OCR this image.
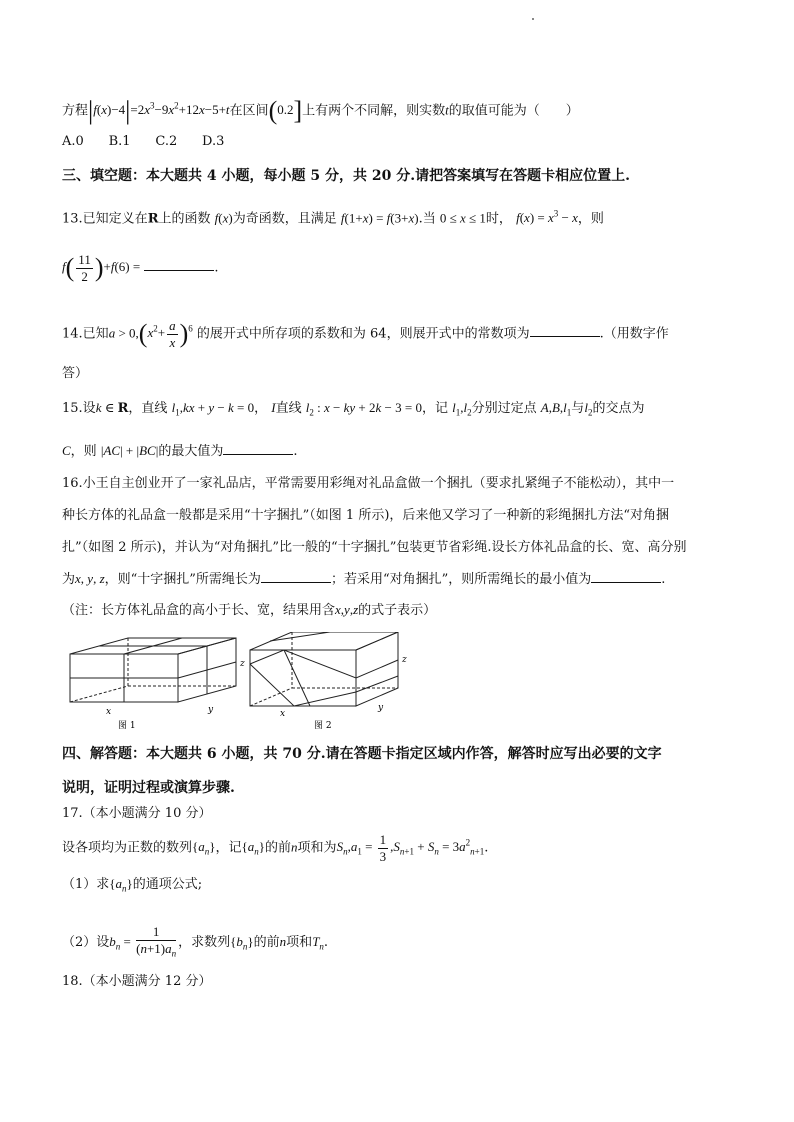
方程$|f(x)-4|=2x^3-9x^2+12x-5+t$在区间(0.2]上有两个不同解，则实数t的取值可能为（　　）
A.0 B.1 C.2 D.3
三、填空题：本大题共 4 小题，每小题 5 分，共 20 分.请把答案填写在答题卡相应位置上.
13.已知定义在R上的函数 f(x)为奇函数，且满足 f(1+x) = f(3+x).当 0 ≤ x ≤ 1时， $f(x) = x^3 - x$，则
$f( \frac{11}{2} )+f(6)$ =	.
14.已知$a > 0,(x^2+ \frac{a}{x} )^6$ 的展开式中所存项的系数和为 64，则展开式中的常数项为	.（用数字作
答）
15.设k ∈ R，直线 $l_1,kx + y - k = 0$， I直线 $l_2$ : x − ky + 2k − 3 = 0，记 $l_1,l_2$分别过定点 $A,B,l_1$与$l_2$的交点为
C，则 |AC| + |BC|的最大值为	.
16.小王自主创业开了一家礼品店，平常需要用彩绳对礼品盒做一个捆扎（要求扎紧绳子不能松动），其中一
种长方体的礼品盒一般都是采用“十字捆扎”（如图 1 所示)，后来他又学习了一种新的彩绳捆扎方法“对角捆
扎”（如图 2 所示)，并认为“对角捆扎”比一般的“十字捆扎”包装更节省彩绳.设长方体礼品盒的长、宽、高分别
为x, y, z，则“十字捆扎”所需绳长为	；若采用“对角捆扎”，则所需绳长的最小值为	.
（注：长方体礼品盒的高小于长、宽，结果用含x,y,z的式子表示）
x	y
z
图 1
x
y
z
图 2
四、解答题：本大题共 6 小题，共 70 分.请在答题卡指定区域内作答，解答时应写出必要的文字
说明，证明过程或演算步骤.
17.（本小题满分 10 分）
设各项均为正数的数列$\{a_n\}$，记$\{a_n\}$的前n项和为$S_n,a_1 = \frac{1}{3} ,S_{n+1} + S_n = 3a^2_{n+1}$.
（1）求$\{a_n\}$的通项公式;
（2）设$b_n = \frac{1}{(n+1)a_n}$ ，求数列$\{b_n\}$的前n项和$T_n$.
18.（本小题满分 12 分）
